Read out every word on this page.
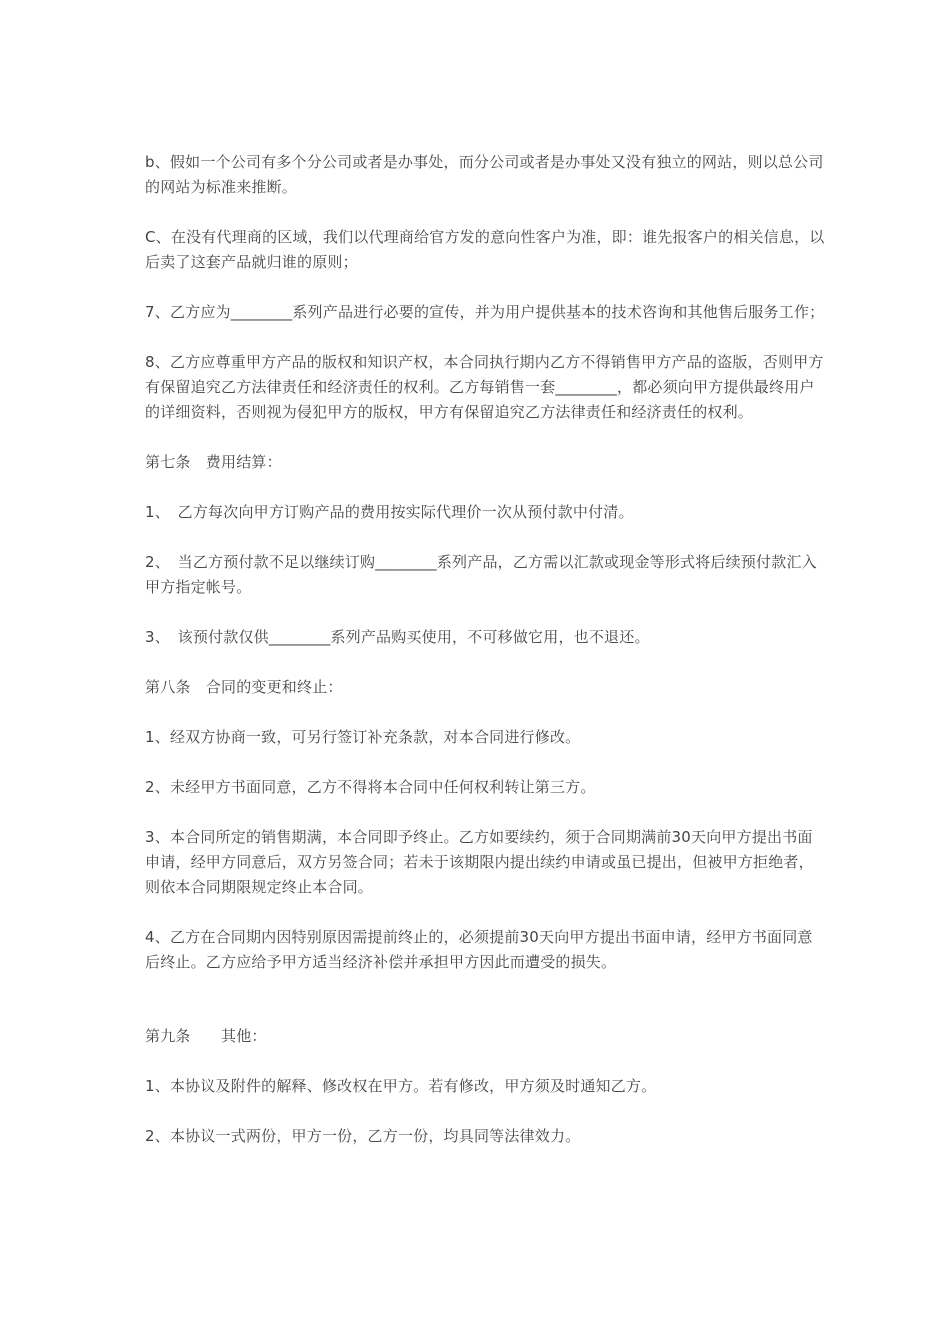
b、假如一个公司有多个分公司或者是办事处，而分公司或者是办事处又没有独立的网站，则以总公司的网站为标准来推断。

C、在没有代理商的区域，我们以代理商给官方发的意向性客户为准，即：谁先报客户的相关信息，以后卖了这套产品就归谁的原则；

7、乙方应为________系列产品进行必要的宣传，并为用户提供基本的技术咨询和其他售后服务工作；

8、乙方应尊重甲方产品的版权和知识产权，本合同执行期内乙方不得销售甲方产品的盗版，否则甲方有保留追究乙方法律责任和经济责任的权利。乙方每销售一套________，都必须向甲方提供最终用户的详细资料，否则视为侵犯甲方的版权，甲方有保留追究乙方法律责任和经济责任的权利。

第七条　费用结算：

1、　乙方每次向甲方订购产品的费用按实际代理价一次从预付款中付清。

2、　当乙方预付款不足以继续订购________系列产品，乙方需以汇款或现金等形式将后续预付款汇入甲方指定帐号。

3、　该预付款仅供________系列产品购买使用，不可移做它用，也不退还。

第八条　合同的变更和终止：

1、经双方协商一致，可另行签订补充条款，对本合同进行修改。

2、未经甲方书面同意，乙方不得将本合同中任何权利转让第三方。

3、本合同所定的销售期满，本合同即予终止。乙方如要续约，须于合同期满前30天向甲方提出书面申请，经甲方同意后，双方另签合同；若未于该期限内提出续约申请或虽已提出，但被甲方拒绝者，则依本合同期限规定终止本合同。

4、乙方在合同期内因特别原因需提前终止的，必须提前30天向甲方提出书面申请，经甲方书面同意后终止。乙方应给予甲方适当经济补偿并承担甲方因此而遭受的损失。

第九条　　其他：

1、本协议及附件的解释、修改权在甲方。若有修改，甲方须及时通知乙方。

2、本协议一式两份，甲方一份，乙方一份，均具同等法律效力。
